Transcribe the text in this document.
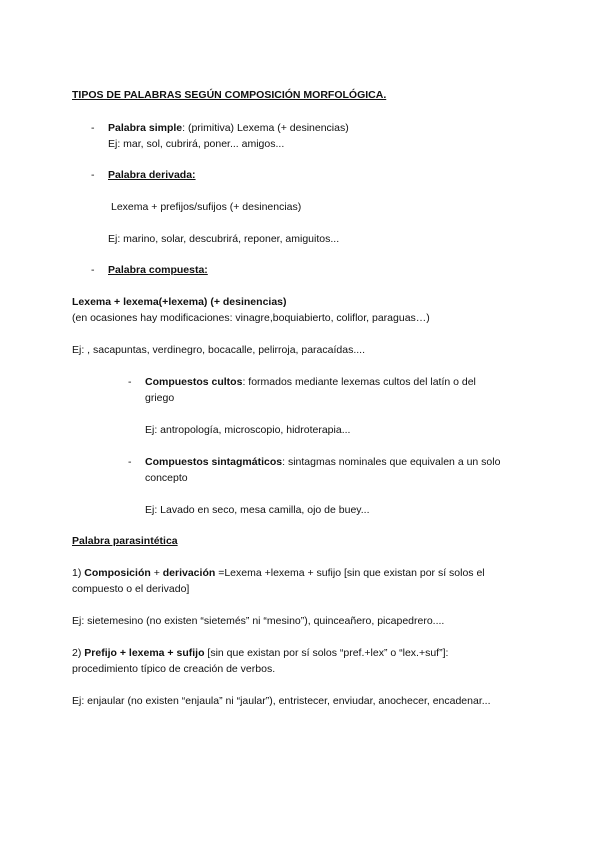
TIPOS DE PALABRAS SEGÚN COMPOSICIÓN MORFOLÓGICA.
- Palabra simple: (primitiva) Lexema (+ desinencias)
Ej: mar, sol, cubrirá, poner... amigos...
- Palabra derivada:
Lexema + prefijos/sufijos (+ desinencias)
Ej: marino, solar, descubrirá, reponer, amiguitos...
- Palabra compuesta:
Lexema + lexema(+lexema) (+ desinencias)
(en ocasiones hay modificaciones: vinagre,boquiabierto, coliflor, paraguas…)
Ej: , sacapuntas, verdinegro, bocacalle, pelirroja, paracaídas....
- Compuestos cultos: formados mediante lexemas cultos del latín o del
griego
Ej: antropología, microscopio, hidroterapia...
- Compuestos sintagmáticos: sintagmas nominales que equivalen a un solo
concepto
Ej: Lavado en seco, mesa camilla, ojo de buey...
Palabra parasintética
1) Composición + derivación =Lexema +lexema + sufijo [sin que existan por sí solos el
compuesto o el derivado]
Ej: sietemesino (no existen “sietemés” ni “mesino”), quinceañero, picapedrero....
2) Prefijo + lexema + sufijo [sin que existan por sí solos “pref.+lex” o “lex.+suf”]:
procedimiento típico de creación de verbos.
Ej: enjaular (no existen “enjaula” ni “jaular”), entristecer, enviudar, anochecer, encadenar...
